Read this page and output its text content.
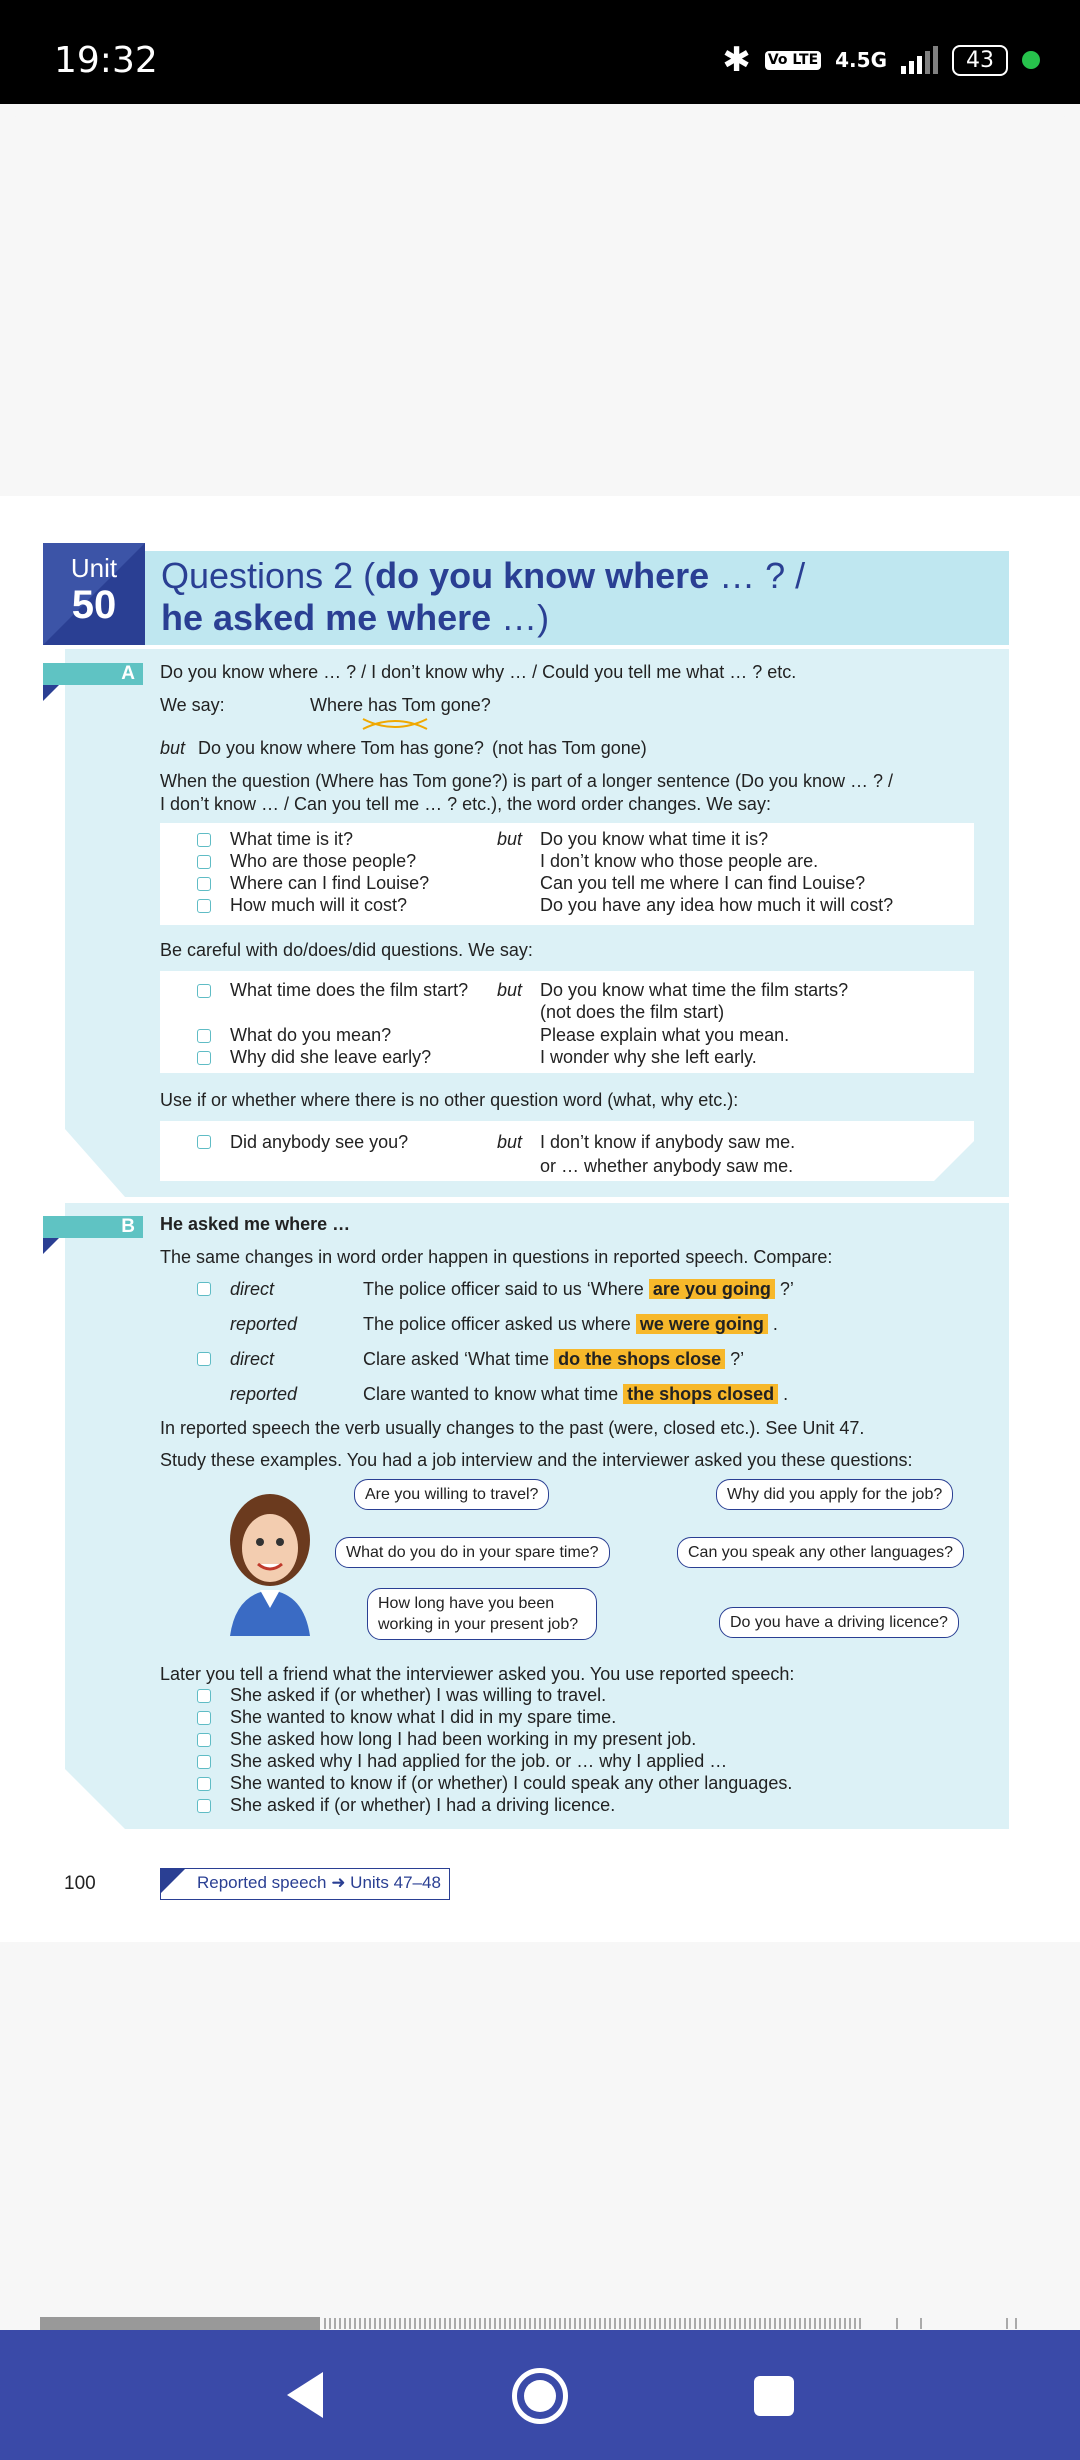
19:32	✱ Vo LTE 4.5G	43
Unit
50
Questions 2 (do you know where … ? /
he asked me where …)
A	Do you know where … ? / I don’t know why … / Could you tell me what … ? etc.
We say:	Where has Tom gone?
but Do you know where Tom has gone? (not has Tom gone)
When the question (Where has Tom gone?) is part of a longer sentence (Do you know … ? /
I don’t know … / Can you tell me … ? etc.), the word order changes. We say:
What time is it?	but Do you know what time it is?
Who are those people?	I don’t know who those people are.
Where can I find Louise?	Can you tell me where I can find Louise?
How much will it cost?	Do you have any idea how much it will cost?
Be careful with do/does/did questions. We say:
What time does the film start? but Do you know what time the film starts?
(not does the film start)
What do you mean?	Please explain what you mean.
Why did she leave early?	I wonder why she left early.
Use if or whether where there is no other question word (what, why etc.):
Did anybody see you?	but I don’t know if anybody saw me.
or … whether anybody saw me.
B	He asked me where …
The same changes in word order happen in questions in reported speech. Compare:
direct	The police officer said to us ‘Where are you going ?’
reported	The police officer asked us where we were going .
direct	Clare asked ‘What time do the shops close ?’
reported	Clare wanted to know what time the shops closed .
In reported speech the verb usually changes to the past (were, closed etc.). See Unit 47.
Study these examples. You had a job interview and the interviewer asked you these questions:
Are you willing to travel?
What do you do in your spare time?
How long have you been
working in your present job?
Why did you apply for the job?
Can you speak any other languages?
Do you have a driving licence?
Later you tell a friend what the interviewer asked you. You use reported speech:
She asked if (or whether) I was willing to travel.
She wanted to know what I did in my spare time.
She asked how long I had been working in my present job.
She asked why I had applied for the job. or … why I applied …
She wanted to know if (or whether) I could speak any other languages.
She asked if (or whether) I had a driving licence.
100	Reported speech ➜ Units 47–48
